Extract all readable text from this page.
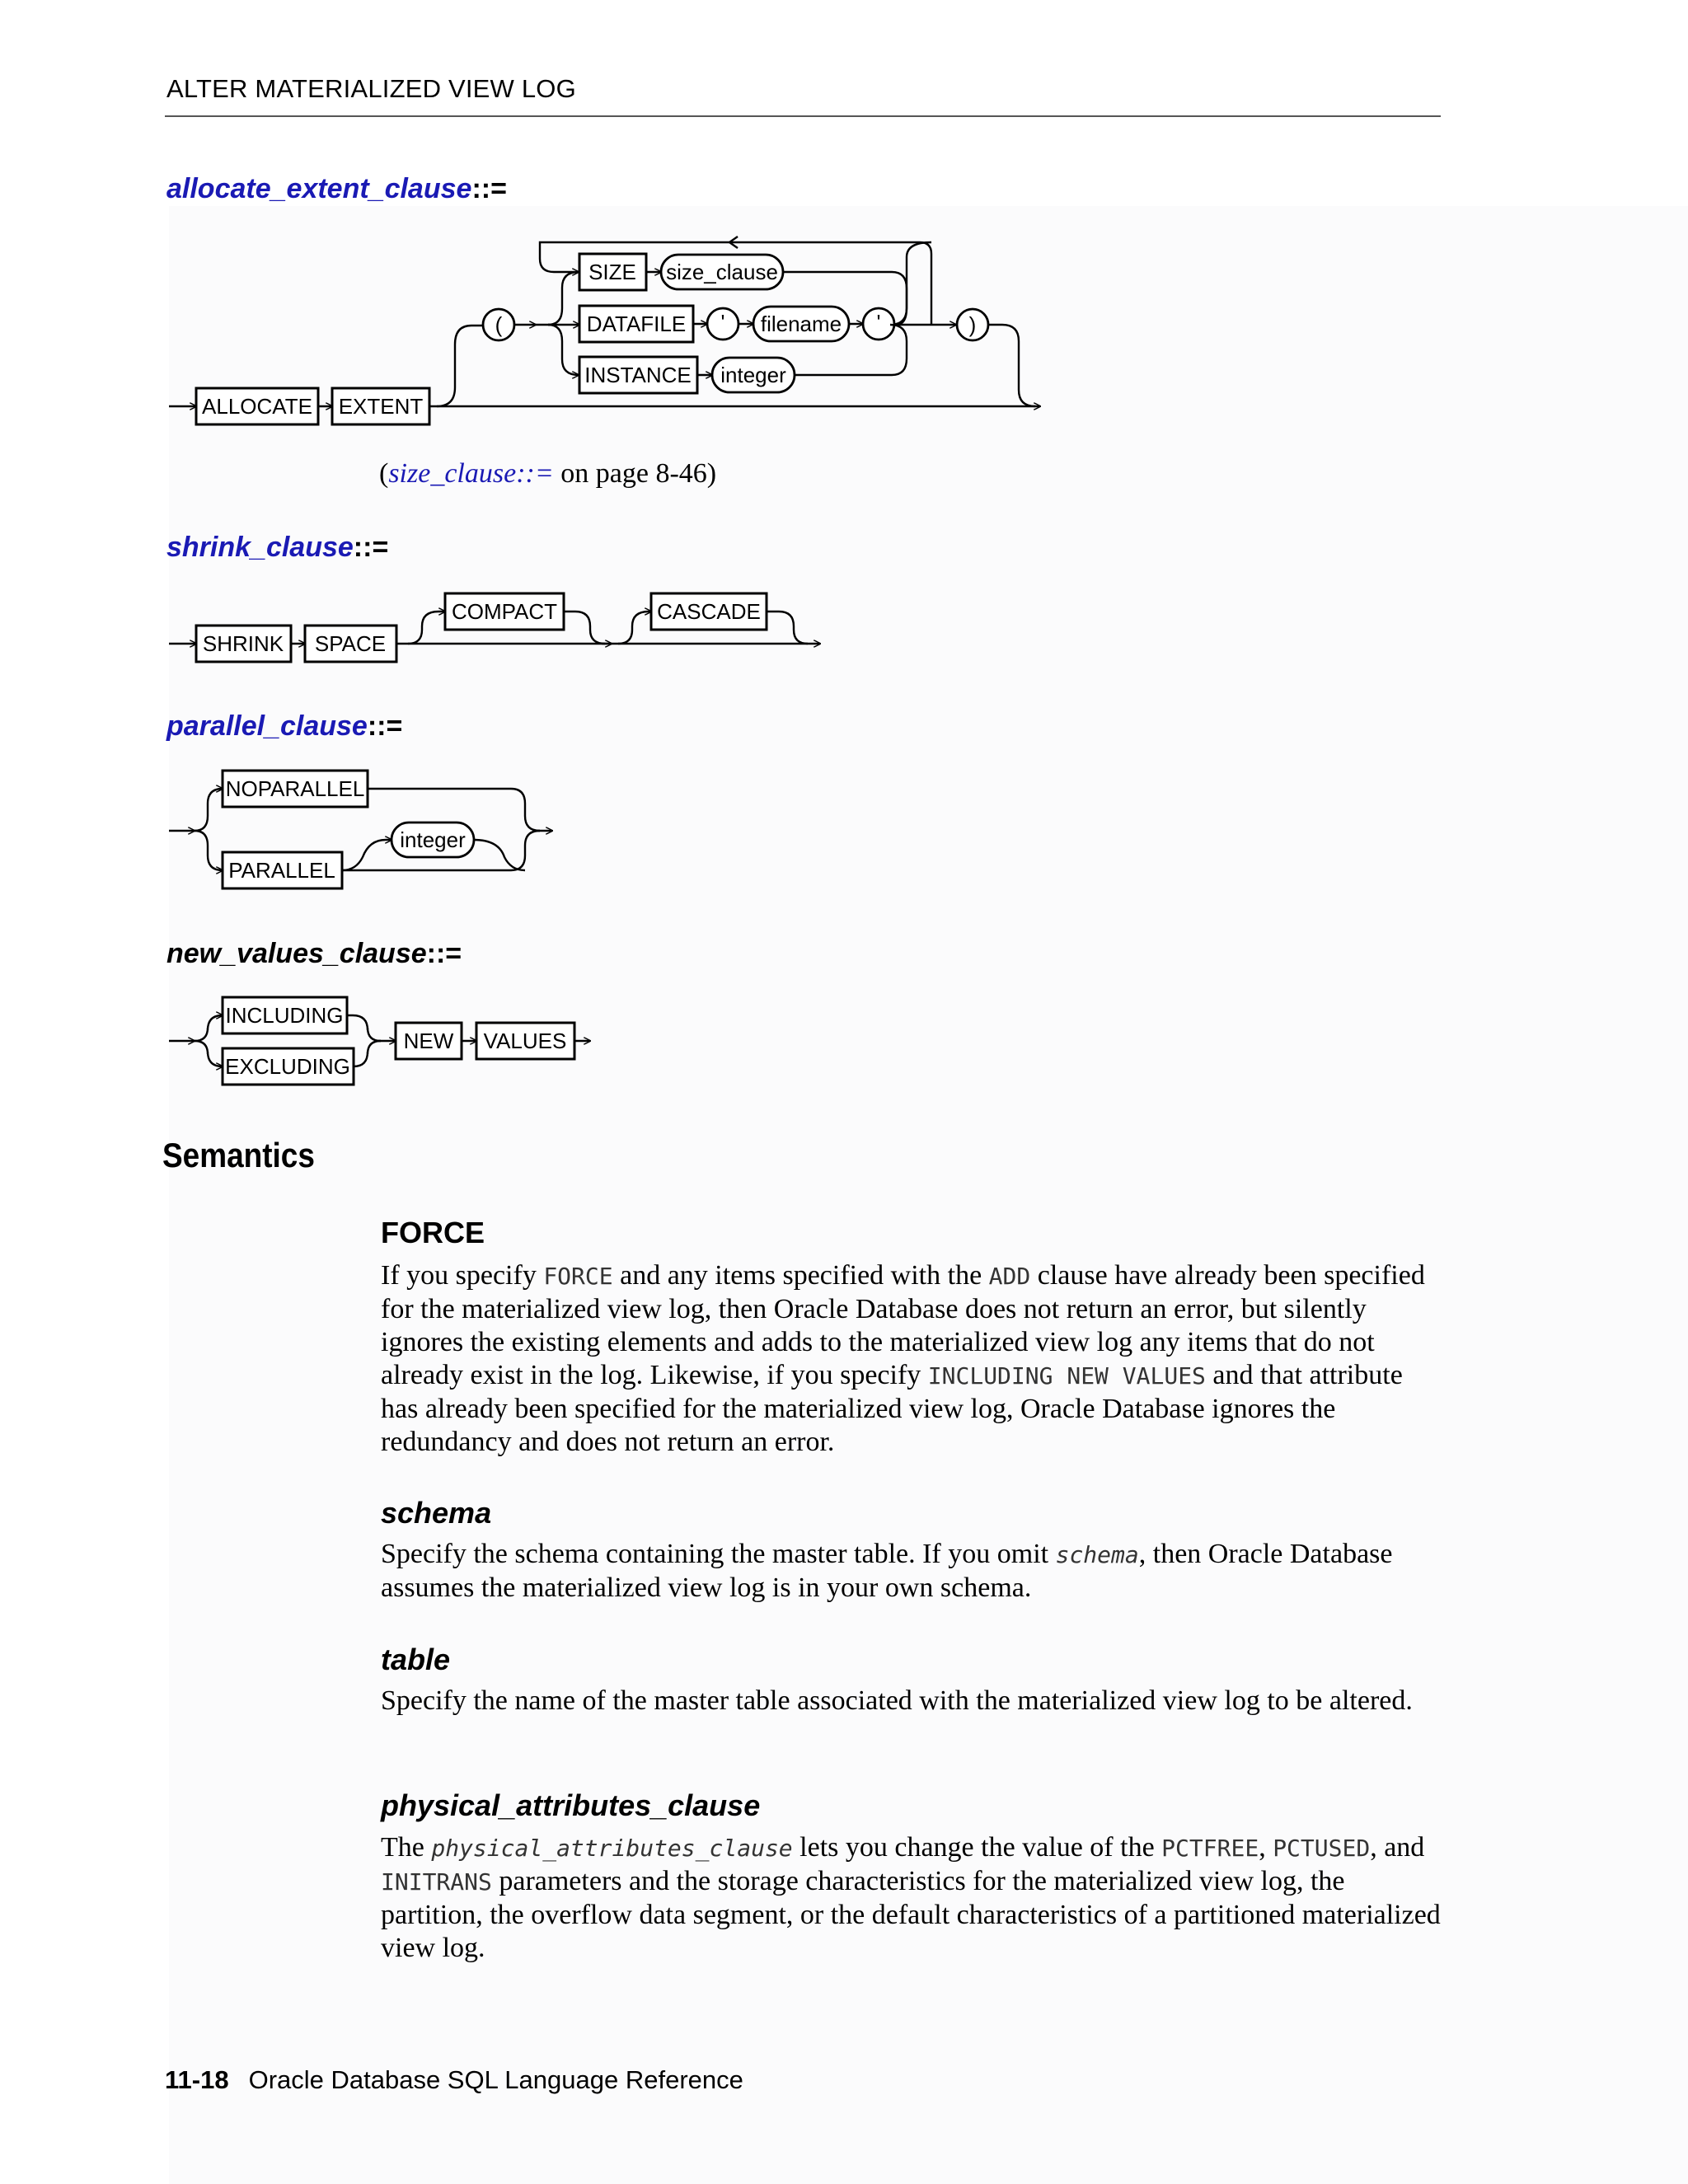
ALTER MATERIALIZED VIEW LOG
allocate_extent_clause::=
shrink_clause::=
parallel_clause::=
new_values_clause::=
ALLOCATE EXTENT
(
SIZE size_clause
DATAFILE ' filename '
INSTANCE integer
)
SHRINK SPACE
COMPACT	CASCADE
NOPARALLEL
PARALLEL
integer
INCLUDING
EXCLUDING
NEW VALUES
(size_clause::= on page 8-46)
Semantics
FORCE
If you specify FORCE and any items specified with the ADD clause have already been specified for the materialized view log, then Oracle Database does not return an error, but silently ignores the existing elements and adds to the materialized view log any items that do not already exist in the log. Likewise, if you specify INCLUDING NEW VALUES and that attribute has already been specified for the materialized view log, Oracle Database ignores the redundancy and does not return an error.
schema
Specify the schema containing the master table. If you omit schema, then Oracle Database assumes the materialized view log is in your own schema.
table
Specify the name of the master table associated with the materialized view log to be altered.
physical_attributes_clause
The physical_attributes_clause lets you change the value of the PCTFREE, PCTUSED, and INITRANS parameters and the storage characteristics for the materialized view log, the partition, the overflow data segment, or the default characteristics of a partitioned materialized view log.
11-18 Oracle Database SQL Language Reference
